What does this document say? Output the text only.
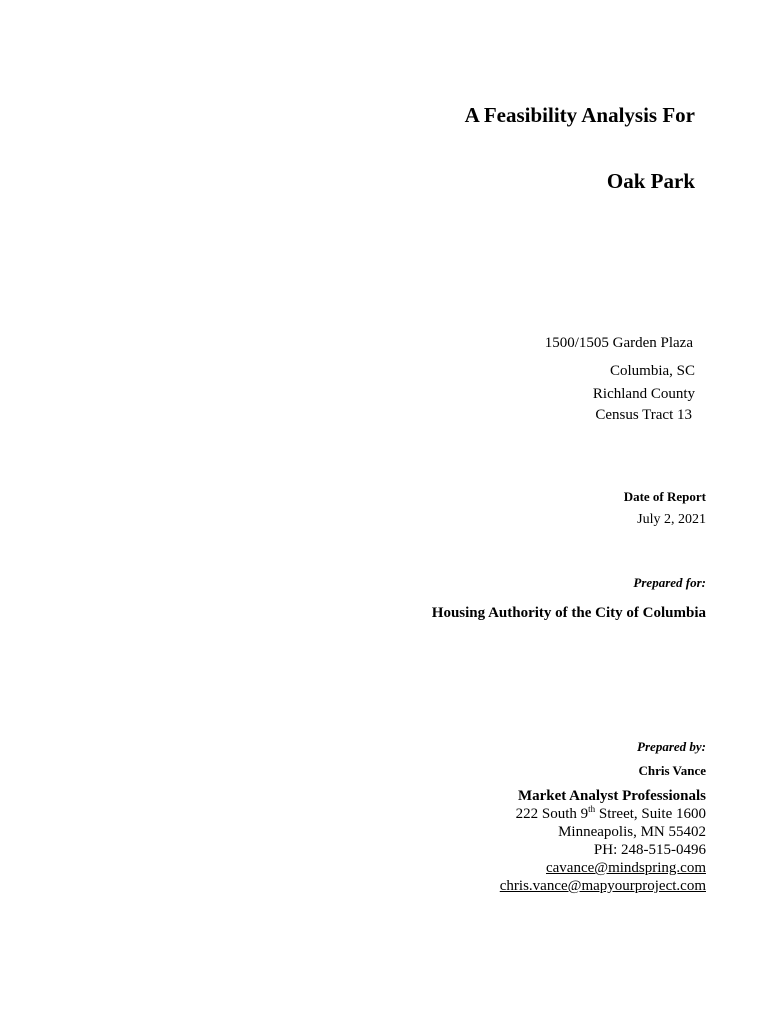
A Feasibility Analysis For
Oak Park
1500/1505 Garden Plaza
Columbia, SC
Richland County
Census Tract 13
Date of Report
July 2, 2021
Prepared for:
Housing Authority of the City of Columbia
Prepared by:
Chris Vance
Market Analyst Professionals
222 South 9th Street, Suite 1600
Minneapolis, MN 55402
PH: 248-515-0496
cavance@mindspring.com
chris.vance@mapyourproject.com
